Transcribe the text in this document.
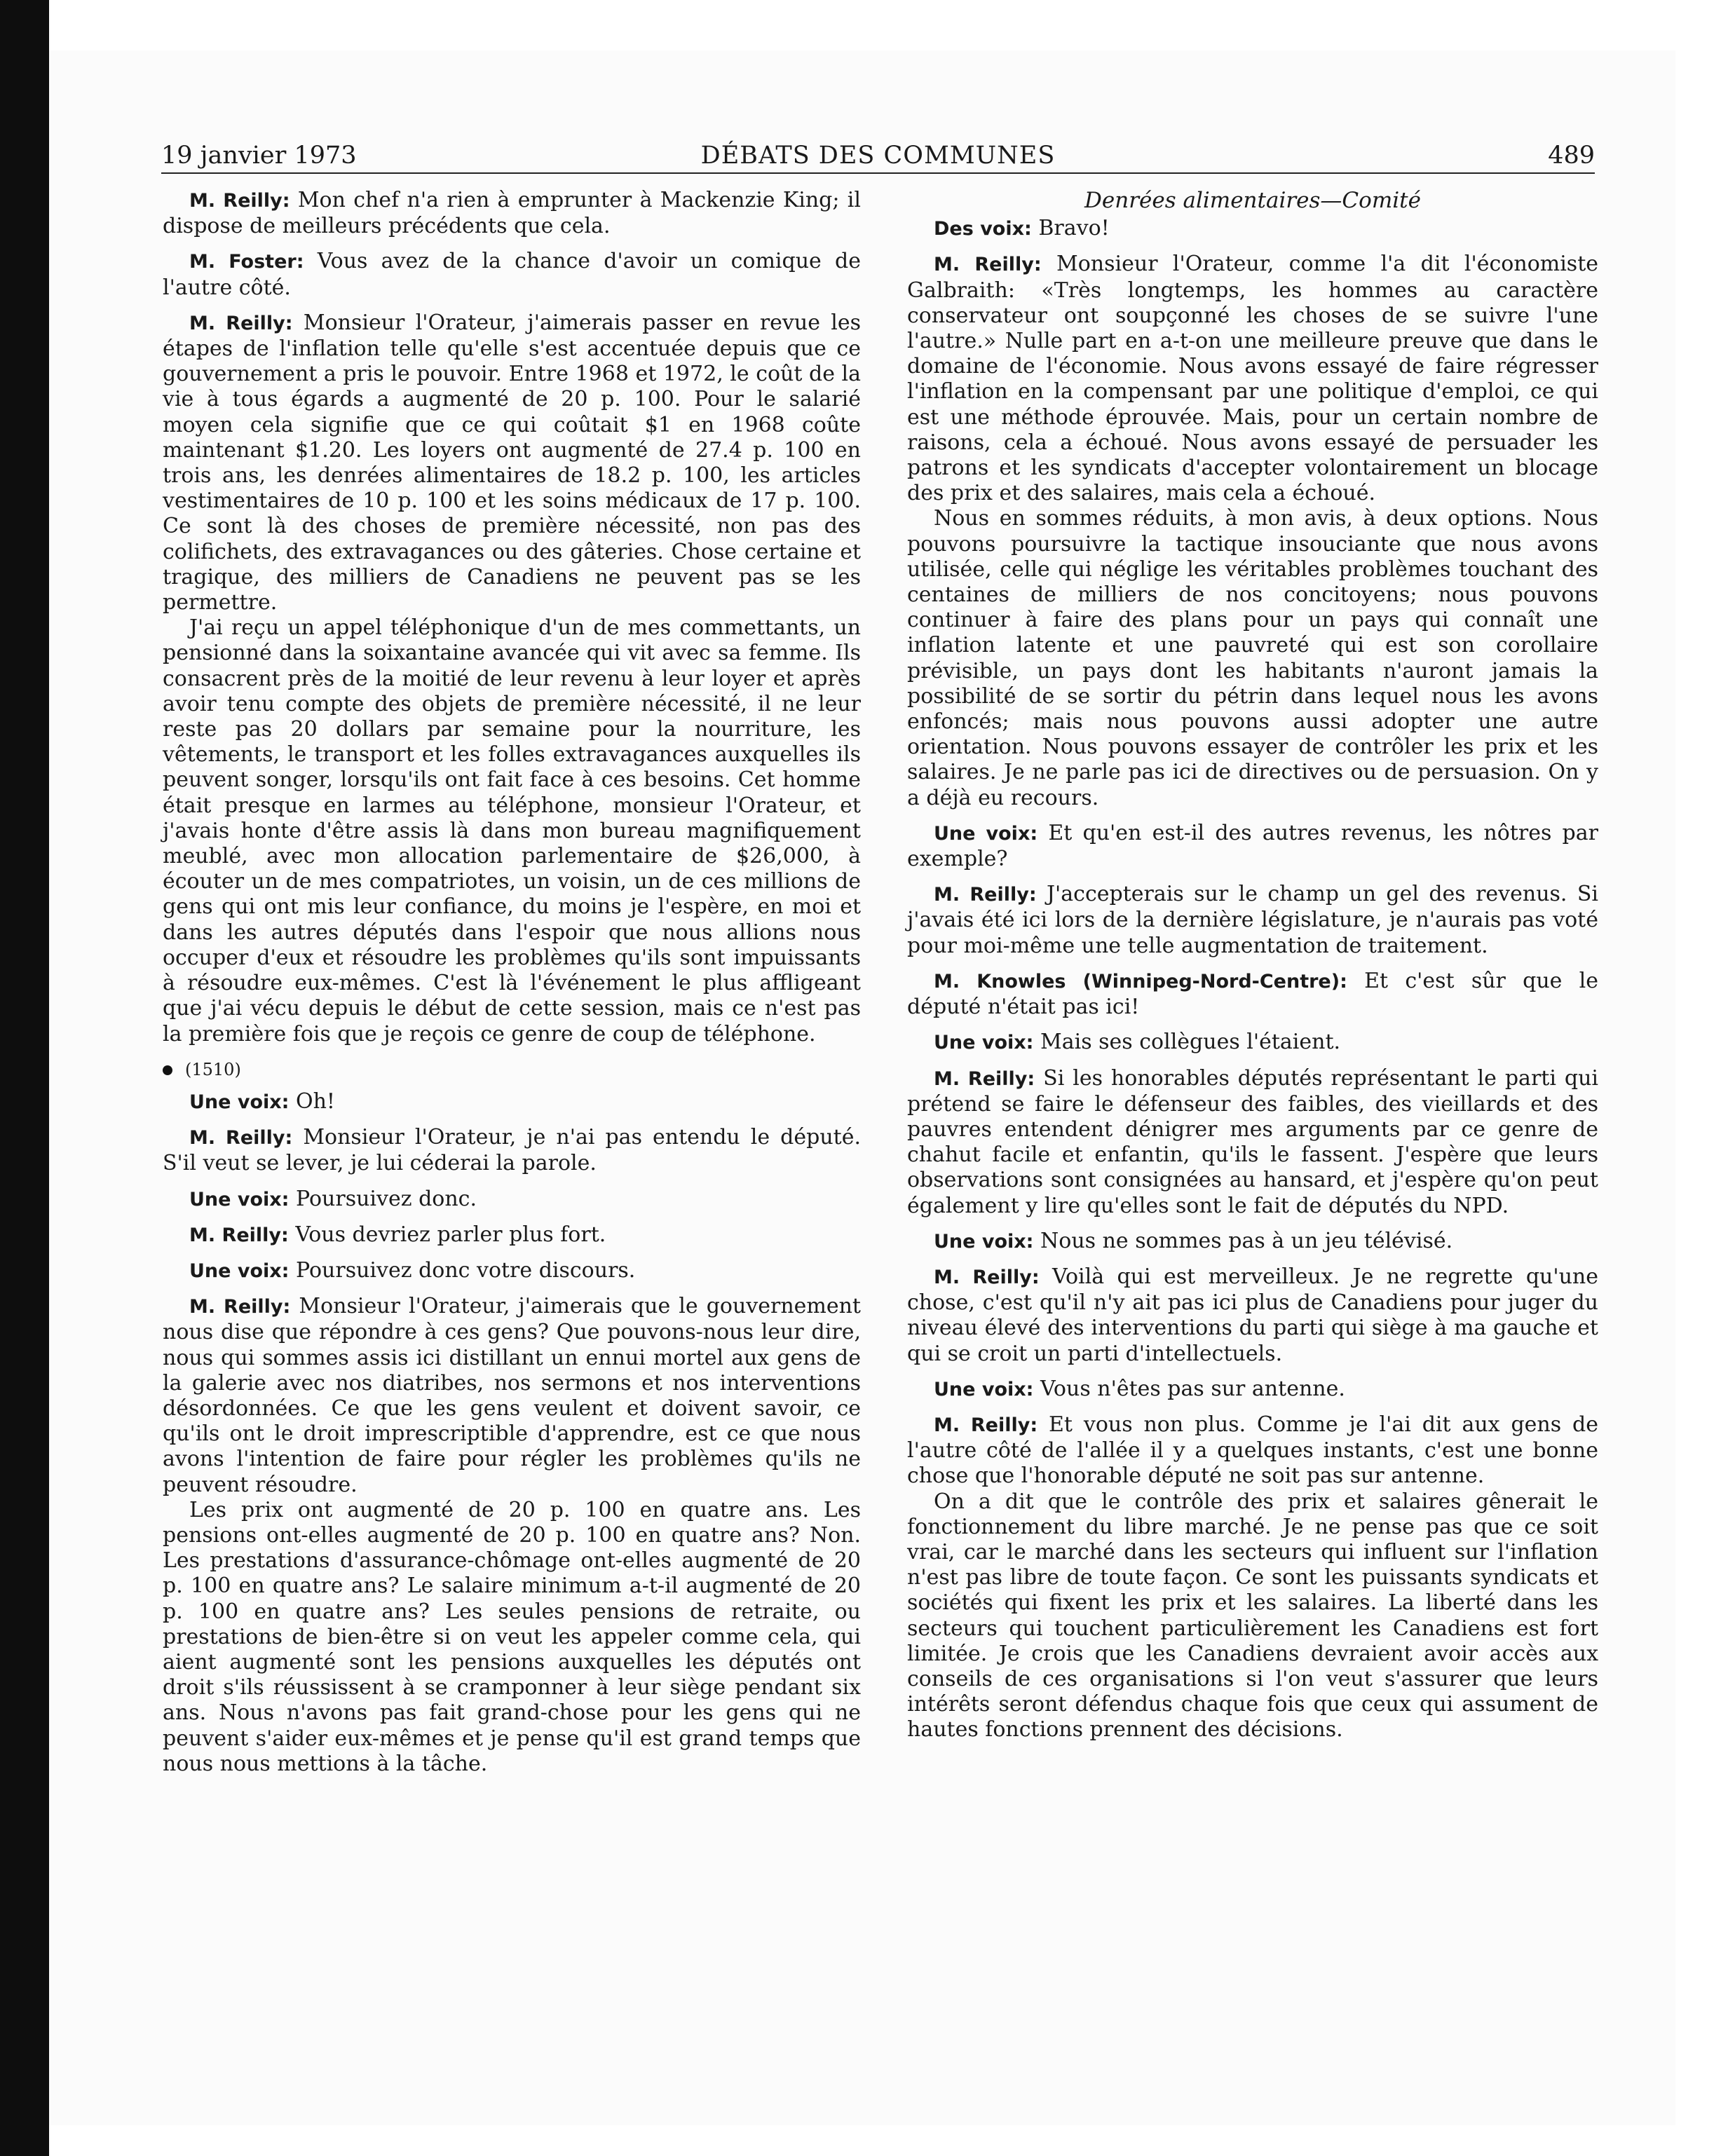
19 janvier 1973	DÉBATS DES COMMUNES	489

M. Reilly: Mon chef n'a rien à emprunter à Mackenzie King; il dispose de meilleurs précédents que cela.

M. Foster: Vous avez de la chance d'avoir un comique de l'autre côté.

M. Reilly: Monsieur l'Orateur, j'aimerais passer en revue les étapes de l'inflation telle qu'elle s'est accentuée depuis que ce gouvernement a pris le pouvoir. Entre 1968 et 1972, le coût de la vie à tous égards a augmenté de 20 p. 100. Pour le salarié moyen cela signifie que ce qui coûtait $1 en 1968 coûte maintenant $1.20. Les loyers ont augmenté de 27.4 p. 100 en trois ans, les denrées alimentaires de 18.2 p. 100, les articles vestimentaires de 10 p. 100 et les soins médicaux de 17 p. 100. Ce sont là des choses de première nécessité, non pas des colifichets, des extravagances ou des gâteries. Chose certaine et tragique, des milliers de Canadiens ne peuvent pas se les permettre.

J'ai reçu un appel téléphonique d'un de mes commettants, un pensionné dans la soixantaine avancée qui vit avec sa femme. Ils consacrent près de la moitié de leur revenu à leur loyer et après avoir tenu compte des objets de première nécessité, il ne leur reste pas 20 dollars par semaine pour la nourriture, les vêtements, le transport et les folles extravagances auxquelles ils peuvent songer, lorsqu'ils ont fait face à ces besoins. Cet homme était presque en larmes au téléphone, monsieur l'Orateur, et j'avais honte d'être assis là dans mon bureau magnifiquement meublé, avec mon allocation parlementaire de $26,000, à écouter un de mes compatriotes, un voisin, un de ces millions de gens qui ont mis leur confiance, du moins je l'espère, en moi et dans les autres députés dans l'espoir que nous allions nous occuper d'eux et résoudre les problèmes qu'ils sont impuissants à résoudre eux-mêmes. C'est là l'événement le plus affligeant que j'ai vécu depuis le début de cette session, mais ce n'est pas la première fois que je reçois ce genre de coup de téléphone.

(1510)

Une voix: Oh!

M. Reilly: Monsieur l'Orateur, je n'ai pas entendu le député. S'il veut se lever, je lui céderai la parole.

Une voix: Poursuivez donc.

M. Reilly: Vous devriez parler plus fort.

Une voix: Poursuivez donc votre discours.

M. Reilly: Monsieur l'Orateur, j'aimerais que le gouvernement nous dise que répondre à ces gens? Que pouvons-nous leur dire, nous qui sommes assis ici distillant un ennui mortel aux gens de la galerie avec nos diatribes, nos sermons et nos interventions désordonnées. Ce que les gens veulent et doivent savoir, ce qu'ils ont le droit imprescriptible d'apprendre, est ce que nous avons l'intention de faire pour régler les problèmes qu'ils ne peuvent résoudre.

Les prix ont augmenté de 20 p. 100 en quatre ans. Les pensions ont-elles augmenté de 20 p. 100 en quatre ans? Non. Les prestations d'assurance-chômage ont-elles augmenté de 20 p. 100 en quatre ans? Le salaire minimum a-t-il augmenté de 20 p. 100 en quatre ans? Les seules pensions de retraite, ou prestations de bien-être si on veut les appeler comme cela, qui aient augmenté sont les pensions auxquelles les députés ont droit s'ils réussissent à se cramponner à leur siège pendant six ans. Nous n'avons pas fait grand-chose pour les gens qui ne peuvent s'aider eux-mêmes et je pense qu'il est grand temps que nous nous mettions à la tâche.

Denrées alimentaires—Comité

Des voix: Bravo!

M. Reilly: Monsieur l'Orateur, comme l'a dit l'économiste Galbraith: «Très longtemps, les hommes au caractère conservateur ont soupçonné les choses de se suivre l'une l'autre.» Nulle part en a-t-on une meilleure preuve que dans le domaine de l'économie. Nous avons essayé de faire régresser l'inflation en la compensant par une politique d'emploi, ce qui est une méthode éprouvée. Mais, pour un certain nombre de raisons, cela a échoué. Nous avons essayé de persuader les patrons et les syndicats d'accepter volontairement un blocage des prix et des salaires, mais cela a échoué.

Nous en sommes réduits, à mon avis, à deux options. Nous pouvons poursuivre la tactique insouciante que nous avons utilisée, celle qui néglige les véritables problèmes touchant des centaines de milliers de nos concitoyens; nous pouvons continuer à faire des plans pour un pays qui connaît une inflation latente et une pauvreté qui est son corollaire prévisible, un pays dont les habitants n'auront jamais la possibilité de se sortir du pétrin dans lequel nous les avons enfoncés; mais nous pouvons aussi adopter une autre orientation. Nous pouvons essayer de contrôler les prix et les salaires. Je ne parle pas ici de directives ou de persuasion. On y a déjà eu recours.

Une voix: Et qu'en est-il des autres revenus, les nôtres par exemple?

M. Reilly: J'accepterais sur le champ un gel des revenus. Si j'avais été ici lors de la dernière législature, je n'aurais pas voté pour moi-même une telle augmentation de traitement.

M. Knowles (Winnipeg-Nord-Centre): Et c'est sûr que le député n'était pas ici!

Une voix: Mais ses collègues l'étaient.

M. Reilly: Si les honorables députés représentant le parti qui prétend se faire le défenseur des faibles, des vieillards et des pauvres entendent dénigrer mes arguments par ce genre de chahut facile et enfantin, qu'ils le fassent. J'espère que leurs observations sont consignées au hansard, et j'espère qu'on peut également y lire qu'elles sont le fait de députés du NPD.

Une voix: Nous ne sommes pas à un jeu télévisé.

M. Reilly: Voilà qui est merveilleux. Je ne regrette qu'une chose, c'est qu'il n'y ait pas ici plus de Canadiens pour juger du niveau élevé des interventions du parti qui siège à ma gauche et qui se croit un parti d'intellectuels.

Une voix: Vous n'êtes pas sur antenne.

M. Reilly: Et vous non plus. Comme je l'ai dit aux gens de l'autre côté de l'allée il y a quelques instants, c'est une bonne chose que l'honorable député ne soit pas sur antenne.

On a dit que le contrôle des prix et salaires gênerait le fonctionnement du libre marché. Je ne pense pas que ce soit vrai, car le marché dans les secteurs qui influent sur l'inflation n'est pas libre de toute façon. Ce sont les puissants syndicats et sociétés qui fixent les prix et les salaires. La liberté dans les secteurs qui touchent particulièrement les Canadiens est fort limitée. Je crois que les Canadiens devraient avoir accès aux conseils de ces organisations si l'on veut s'assurer que leurs intérêts seront défendus chaque fois que ceux qui assument de hautes fonctions prennent des décisions.
